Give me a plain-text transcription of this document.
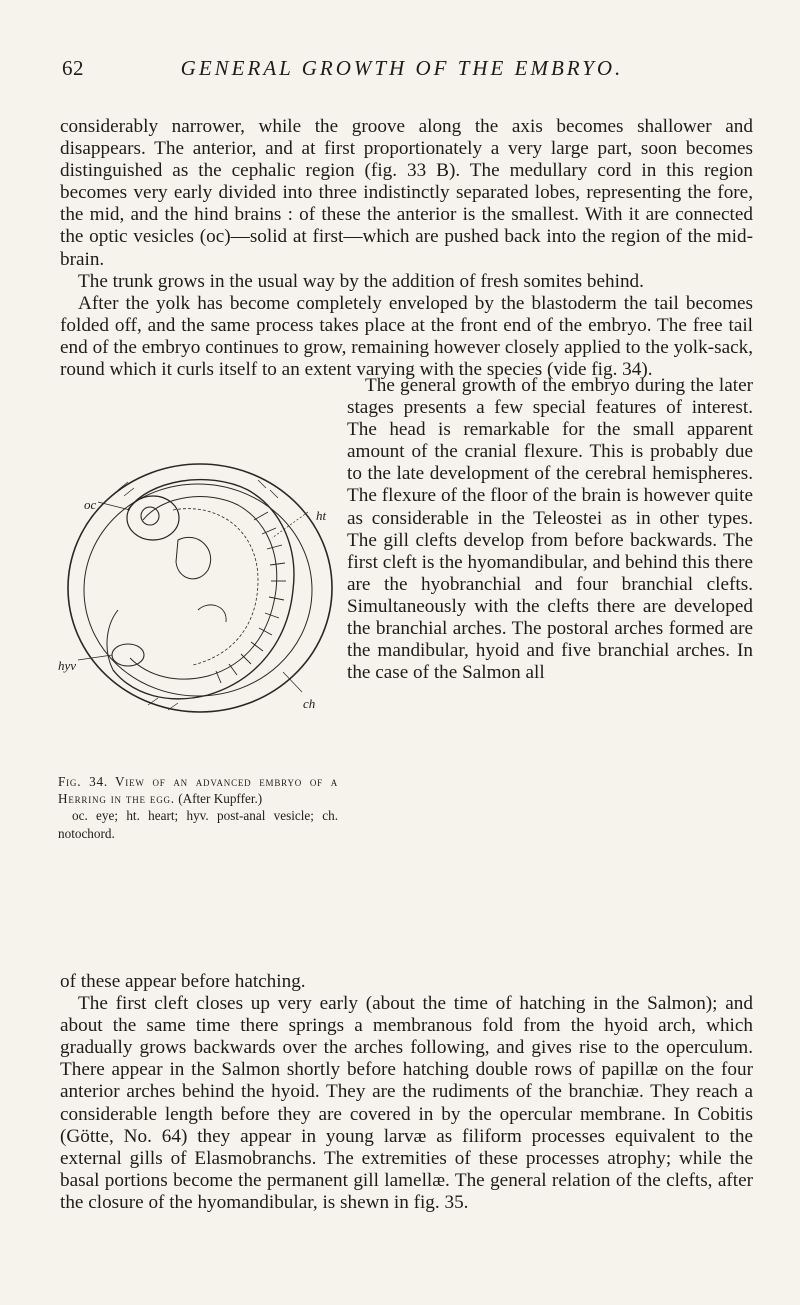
62	GENERAL GROWTH OF THE EMBRYO.

considerably narrower, while the groove along the axis becomes shallower and disappears. The anterior, and at first proportionately a very large part, soon becomes distinguished as the cephalic region (fig. 33 B). The medullary cord in this region becomes very early divided into three indistinctly separated lobes, representing the fore, the mid, and the hind brains : of these the anterior is the smallest. With it are connected the optic vesicles (oc)—solid at first—which are pushed back into the region of the mid-brain.

The trunk grows in the usual way by the addition of fresh somites behind.

After the yolk has become completely enveloped by the blastoderm the tail becomes folded off, and the same process takes place at the front end of the embryo. The free tail end of the embryo continues to grow, remaining however closely applied to the yolk-sack, round which it curls itself to an extent varying with the species (vide fig. 34).

The general growth of the embryo during the later stages presents a few special features of interest. The head is remarkable for the small apparent amount of the cranial flexure. This is probably due to the late development of the cerebral hemispheres. The flexure of the floor of the brain is however quite as considerable in the Teleostei as in other types. The gill clefts develop from before backwards. The first cleft is the hyomandibular, and behind this there are the hyobranchial and four branchial clefts. Simultaneously with the clefts there are developed the branchial arches. The postoral arches formed are the mandibular, hyoid and five branchial arches. In the case of the Salmon all

oc
ht
hyv
ch

Fig. 34. View of an advanced embryo of a Herring in the egg. (After Kupffer.)

oc. eye; ht. heart; hyv. post-anal vesicle; ch. notochord.

of these appear before hatching.

The first cleft closes up very early (about the time of hatching in the Salmon); and about the same time there springs a membranous fold from the hyoid arch, which gradually grows backwards over the arches following, and gives rise to the operculum. There appear in the Salmon shortly before hatching double rows of papillæ on the four anterior arches behind the hyoid. They are the rudiments of the branchiæ. They reach a considerable length before they are covered in by the opercular membrane. In Cobitis (Götte, No. 64) they appear in young larvæ as filiform processes equivalent to the external gills of Elasmobranchs. The extremities of these processes atrophy; while the basal portions become the permanent gill lamellæ. The general relation of the clefts, after the closure of the hyomandibular, is shewn in fig. 35.
